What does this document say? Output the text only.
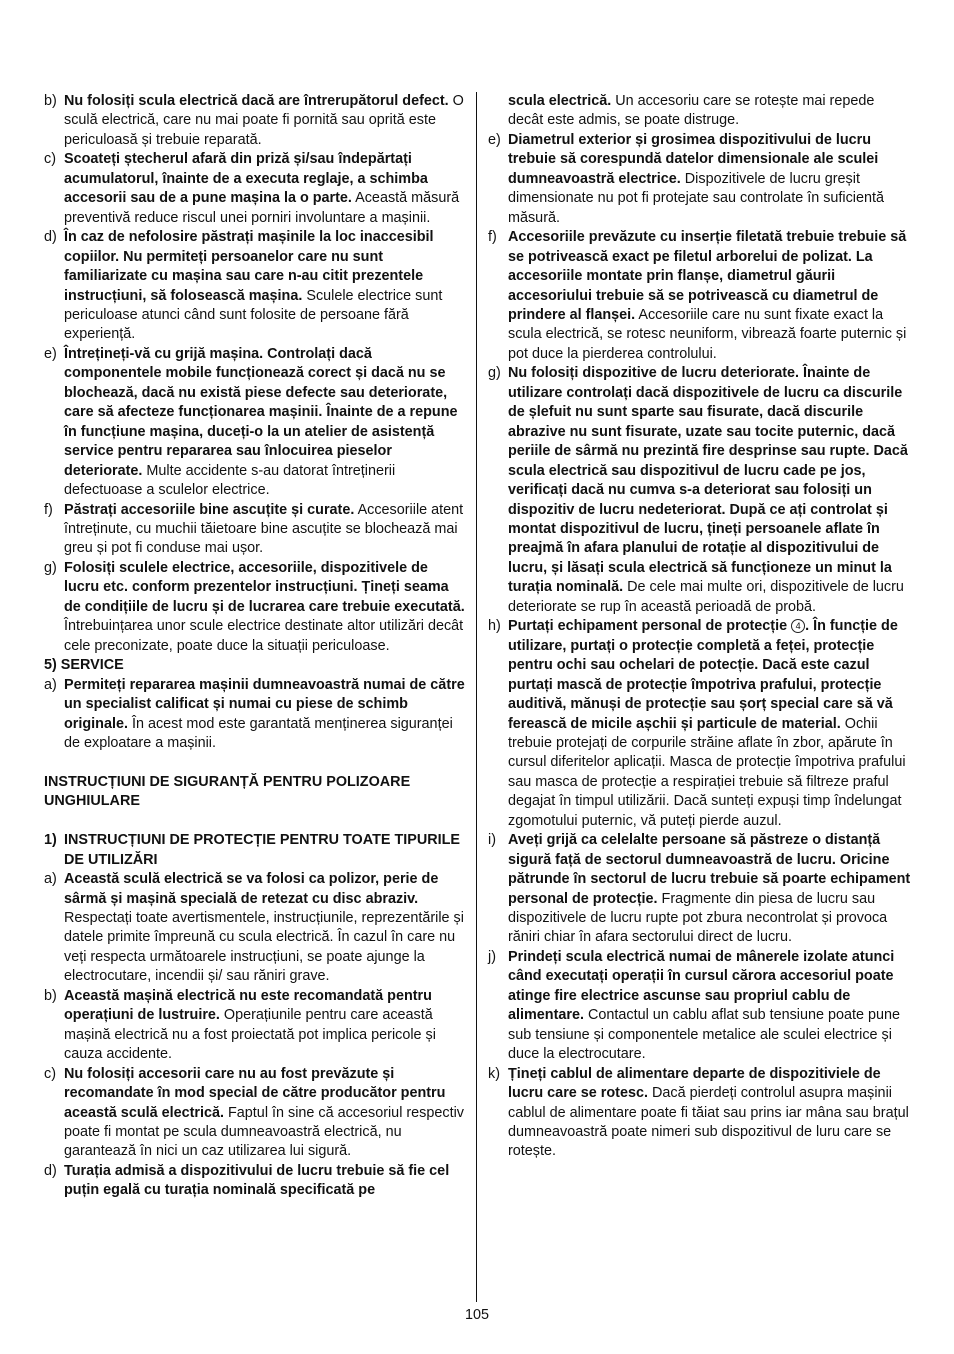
b) Nu folosiți scula electrică dacă are întrerupătorul defect. O sculă electrică, care nu mai poate fi pornită sau oprită este periculoasă și trebuie reparată.
c) Scoateți ștecherul afară din priză și/sau îndepărtați acumulatorul, înainte de a executa reglaje, a schimba accesorii sau de a pune mașina la o parte. Această măsură preventivă reduce riscul unei porniri involuntare a mașinii.
d) În caz de nefolosire păstrați mașinile la loc inaccesibil copiilor. Nu permiteți persoanelor care nu sunt familiarizate cu mașina sau care n-au citit prezentele instrucțiuni, să folosească mașina. Sculele electrice sunt periculoase atunci când sunt folosite de persoane fără experiență.
e) Întrețineți-vă cu grijă mașina. Controlați dacă componentele mobile funcționează corect și dacă nu se blochează, dacă nu există piese defecte sau deteriorate, care să afecteze funcționarea mașinii. Înainte de a repune în funcțiune mașina, duceți-o la un atelier de asistență service pentru repararea sau înlocuirea pieselor deteriorate. Multe accidente s-au datorat întreținerii defectuoase a sculelor electrice.
f) Păstrați accesoriile bine ascuțite și curate. Accesoriile atent întreținute, cu muchii tăietoare bine ascuțite se blochează mai greu și pot fi conduse mai ușor.
g) Folosiți sculele electrice, accesoriile, dispozitivele de lucru etc. conform prezentelor instrucțiuni. Țineți seama de condițiile de lucru și de lucrarea care trebuie executată. Întrebuințarea unor scule electrice destinate altor utilizări decât cele preconizate, poate duce la situații periculoase.
5) SERVICE
a) Permiteți repararea mașinii dumneavoastră numai de către un specialist calificat și numai cu piese de schimb originale. În acest mod este garantată menținerea siguranței de exploatare a mașinii.
INSTRUCȚIUNI DE SIGURANȚĂ PENTRU POLIZOARE UNGHIULARE
1) INSTRUCȚIUNI DE PROTECȚIE PENTRU TOATE TIPURILE DE UTILIZĂRI
a) Această sculă electrică se va folosi ca polizor, perie de sârmă și mașină specială de retezat cu disc abraziv. Respectați toate avertismentele, instrucțiunile, reprezentările și datele primite împreună cu scula electrică. În cazul în care nu veți respecta următoarele instrucțiuni, se poate ajunge la electrocutare, incendii și/ sau răniri grave.
b) Această mașină electrică nu este recomandată pentru operațiuni de lustruire. Operațiunile pentru care această mașină electrică nu a fost proiectată pot implica pericole și cauza accidente.
c) Nu folosiți accesorii care nu au fost prevăzute și recomandate în mod special de către producător pentru această sculă electrică. Faptul în sine că accesoriul respectiv poate fi montat pe scula dumneavoastră electrică, nu garantează în nici un caz utilizarea lui sigură.
d) Turația admisă a dispozitivului de lucru trebuie să fie cel puțin egală cu turația nominală specificată pe
scula electrică. Un accesoriu care se rotește mai repede decât este admis, se poate distruge.
e) Diametrul exterior și grosimea dispozitivului de lucru trebuie să corespundă datelor dimensionale ale sculei dumneavoastră electrice. Dispozitivele de lucru greșit dimensionate nu pot fi protejate sau controlate în suficientă măsură.
f) Accesoriile prevăzute cu inserție filetată trebuie trebuie să se potrivească exact pe filetul arborelui de polizat. La accesoriile montate prin flanșe, diametrul găurii accesoriului trebuie să se potrivească cu diametrul de prindere al flanșei. Accesoriile care nu sunt fixate exact la scula electrică, se rotesc neuniform, vibrează foarte puternic și pot duce la pierderea controlului.
g) Nu folosiți dispozitive de lucru deteriorate. Înainte de utilizare controlați dacă dispozitivele de lucru ca discurile de șlefuit nu sunt sparte sau fisurate, dacă discurile abrazive nu sunt fisurate, uzate sau tocite puternic, dacă periile de sârmă nu prezintă fire desprinse sau rupte. Dacă scula electrică sau dispozitivul de lucru cade pe jos, verificați dacă nu cumva s-a deteriorat sau folosiți un dispozitiv de lucru nedeteriorat. După ce ați controlat și montat dispozitivul de lucru, țineți persoanele aflate în preajmă în afara planului de rotație al dispozitivului de lucru, și lăsați scula electrică să funcționeze un minut la turația nominală. De cele mai multe ori, dispozitivele de lucru deteriorate se rup în această perioadă de probă.
h) Purtați echipament personal de protecție 4 . În funcție de utilizare, purtați o protecție completă a feței, protecție pentru ochi sau ochelari de potecție. Dacă este cazul purtați mască de protecție împotriva prafului, protecție auditivă, mănuși de protecție sau șorț special care să vă ferească de micile așchii și particule de material. Ochii trebuie protejați de corpurile străine aflate în zbor, apărute în cursul diferitelor aplicații. Masca de protecție împotriva prafului sau masca de protecție a respirației trebuie să filtreze praful degajat în timpul utilizării. Dacă sunteți expuși timp îndelungat zgomotului puternic, vă puteți pierde auzul.
i) Aveți grijă ca celelalte persoane să păstreze o distanță sigură față de sectorul dumneavoastră de lucru. Oricine pătrunde în sectorul de lucru trebuie să poarte echipament personal de protecție. Fragmente din piesa de lucru sau dispozitivele de lucru rupte pot zbura necontrolat și provoca răniri chiar în afara sectorului direct de lucru.
j) Prindeți scula electrică numai de mânerele izolate atunci când executați operații în cursul cărora accesoriul poate atinge fire electrice ascunse sau propriul cablu de alimentare. Contactul un cablu aflat sub tensiune poate pune sub tensiune și componentele metalice ale sculei electrice și duce la electrocutare.
k) Țineți cablul de alimentare departe de dispozitiviele de lucru care se rotesc. Dacă pierdeți controlul asupra mașinii cablul de alimentare poate fi tăiat sau prins iar mâna sau brațul dumneavoastră poate nimeri sub dispozitivul de luru care se rotește.
105
